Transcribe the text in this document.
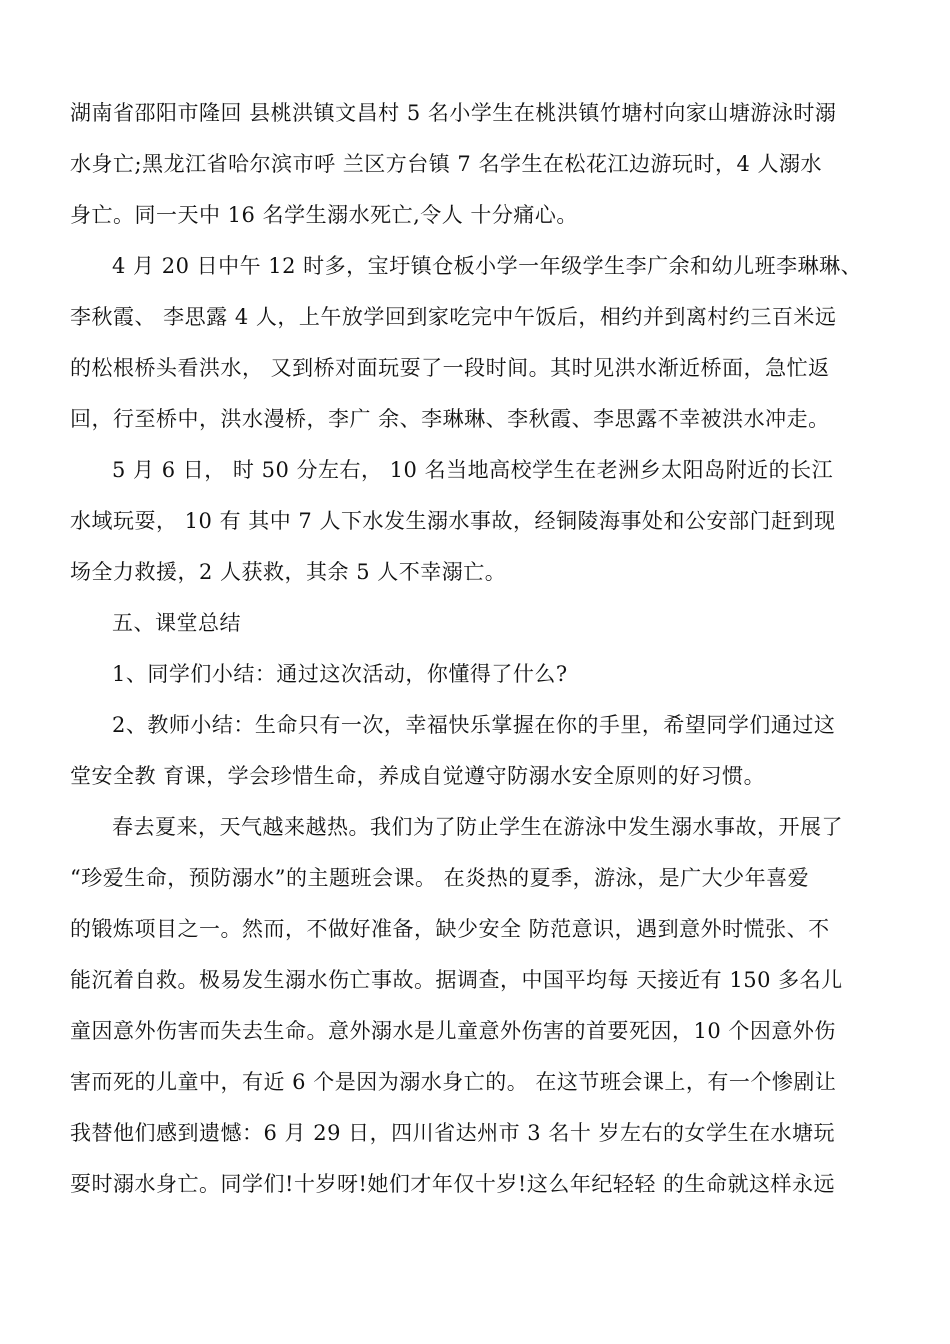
湖南省邵阳市隆回 县桃洪镇文昌村 5 名小学生在桃洪镇竹塘村向家山塘游泳时溺
水身亡;黑龙江省哈尔滨市呼 兰区方台镇 7 名学生在松花江边游玩时，4 人溺水
身亡。同一天中 16 名学生溺水死亡,令人 十分痛心。
4 月 20 日中午 12 时多，宝圩镇仓板小学一年级学生李广余和幼儿班李琳琳、
李秋霞、 李思露 4 人，上午放学回到家吃完中午饭后，相约并到离村约三百米远
的松根桥头看洪水， 又到桥对面玩耍了一段时间。其时见洪水渐近桥面，急忙返
回，行至桥中，洪水漫桥，李广 余、李琳琳、李秋霞、李思露不幸被洪水冲走。
5 月 6 日， 时 50 分左右， 10 名当地高校学生在老洲乡太阳岛附近的长江
水域玩耍， 10 有 其中 7 人下水发生溺水事故，经铜陵海事处和公安部门赶到现
场全力救援，2 人获救，其余 5 人不幸溺亡。
五、课堂总结
1、同学们小结：通过这次活动，你懂得了什么?
2、教师小结：生命只有一次，幸福快乐掌握在你的手里，希望同学们通过这
堂安全教 育课，学会珍惜生命，养成自觉遵守防溺水安全原则的好习惯。
春去夏来，天气越来越热。我们为了防止学生在游泳中发生溺水事故，开展了
“珍爱生命，预防溺水”的主题班会课。 在炎热的夏季，游泳，是广大少年喜爱
的锻炼项目之一。然而，不做好准备，缺少安全 防范意识，遇到意外时慌张、不
能沉着自救。极易发生溺水伤亡事故。据调查，中国平均每 天接近有 150 多名儿
童因意外伤害而失去生命。意外溺水是儿童意外伤害的首要死因，10 个因意外伤
害而死的儿童中，有近 6 个是因为溺水身亡的。 在这节班会课上，有一个惨剧让
我替他们感到遗憾：6 月 29 日，四川省达州市 3 名十 岁左右的女学生在水塘玩
耍时溺水身亡。同学们!十岁呀!她们才年仅十岁!这么年纪轻轻 的生命就这样永远
